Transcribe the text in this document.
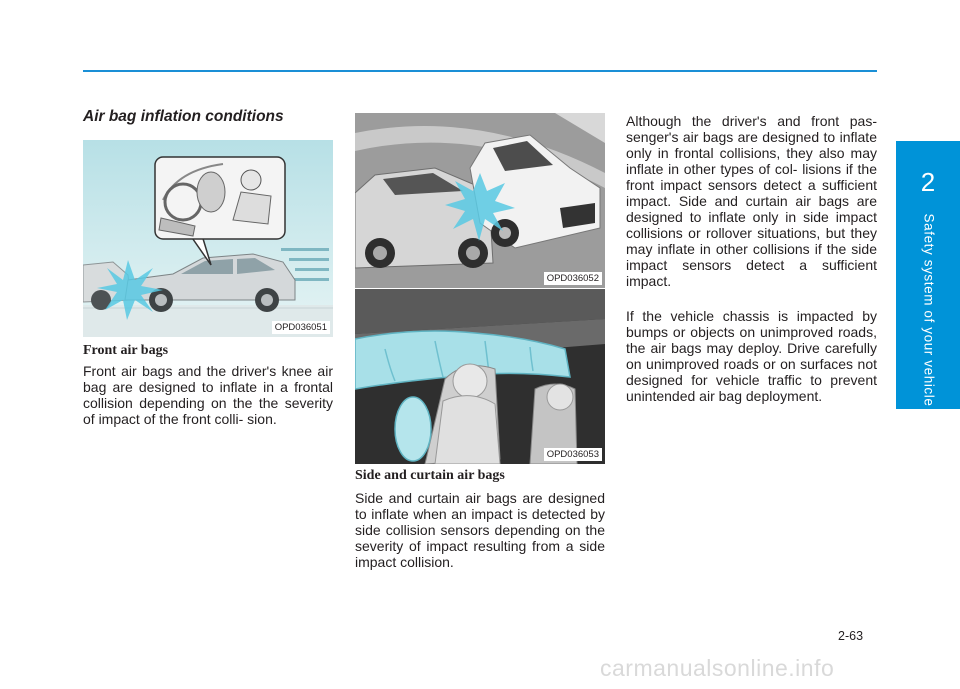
2
Safety system of your vehicle
Air bag inflation conditions
OPD036051
Front air bags

Front air bags and the driver's knee air bag are designed to inflate in a frontal collision depending on the the severity of impact of the front colli- sion.

OPD036052
OPD036053
Side and curtain air bags

Side and curtain air bags are designed to inflate when an impact is detected by side collision sensors depending on the severity of impact resulting from a side impact collision.

Although the driver's and front pas- senger's air bags are designed to inflate only in frontal collisions, they also may inflate in other types of col- lisions if the front impact sensors detect a sufficient impact. Side and curtain air bags are designed to inflate only in side impact collisions or rollover situations, but they may inflate in other collisions if the side impact sensors detect a sufficient impact.

If the vehicle chassis is impacted by bumps or objects on unimproved roads, the air bags may deploy. Drive carefully on unimproved roads or on surfaces not designed for vehicle traffic to prevent unintended air bag deployment.

2-63
carmanualsonline.info
